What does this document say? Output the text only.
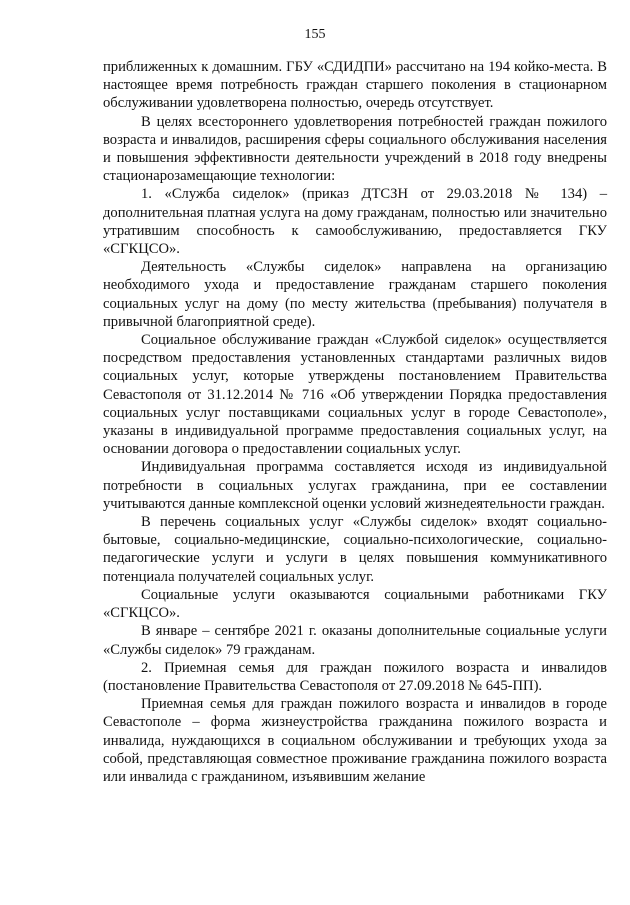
155

приближенных к домашним. ГБУ «СДИДПИ» рассчитано на 194 койко-места. В настоящее время потребность граждан старшего поколения в стационарном обслуживании удовлетворена полностью, очередь отсутствует.

В целях всестороннего удовлетворения потребностей граждан пожилого возраста и инвалидов, расширения сферы социального обслуживания населения и повышения эффективности деятельности учреждений в 2018 году внедрены стационарозамещающие технологии:

1. «Служба сиделок» (приказ ДТСЗН от 29.03.2018 № 134) – дополнительная платная услуга на дому гражданам, полностью или значительно утратившим способность к самообслуживанию, предоставляется ГКУ «СГКЦСО».

Деятельность «Службы сиделок» направлена на организацию необходимого ухода и предоставление гражданам старшего поколения социальных услуг на дому (по месту жительства (пребывания) получателя в привычной благоприятной среде).

Социальное обслуживание граждан «Службой сиделок» осуществляется посредством предоставления установленных стандартами различных видов социальных услуг, которые утверждены постановлением Правительства Севастополя от 31.12.2014 № 716 «Об утверждении Порядка предоставления социальных услуг поставщиками социальных услуг в городе Севастополе», указаны в индивидуальной программе предоставления социальных услуг, на основании договора о предоставлении социальных услуг.

Индивидуальная программа составляется исходя из индивидуальной потребности в социальных услугах гражданина, при ее составлении учитываются данные комплексной оценки условий жизнедеятельности граждан.

В перечень социальных услуг «Службы сиделок» входят социально-бытовые, социально-медицинские, социально-психологические, социально-педагогические услуги и услуги в целях повышения коммуникативного потенциала получателей социальных услуг.

Социальные услуги оказываются социальными работниками ГКУ «СГКЦСО».

В январе – сентябре 2021 г. оказаны дополнительные социальные услуги «Службы сиделок» 79 гражданам.

2. Приемная семья для граждан пожилого возраста и инвалидов (постановление Правительства Севастополя от 27.09.2018 № 645-ПП).

Приемная семья для граждан пожилого возраста и инвалидов в городе Севастополе – форма жизнеустройства гражданина пожилого возраста и инвалида, нуждающихся в социальном обслуживании и требующих ухода за собой, представляющая совместное проживание гражданина пожилого возраста или инвалида с гражданином, изъявившим желание
